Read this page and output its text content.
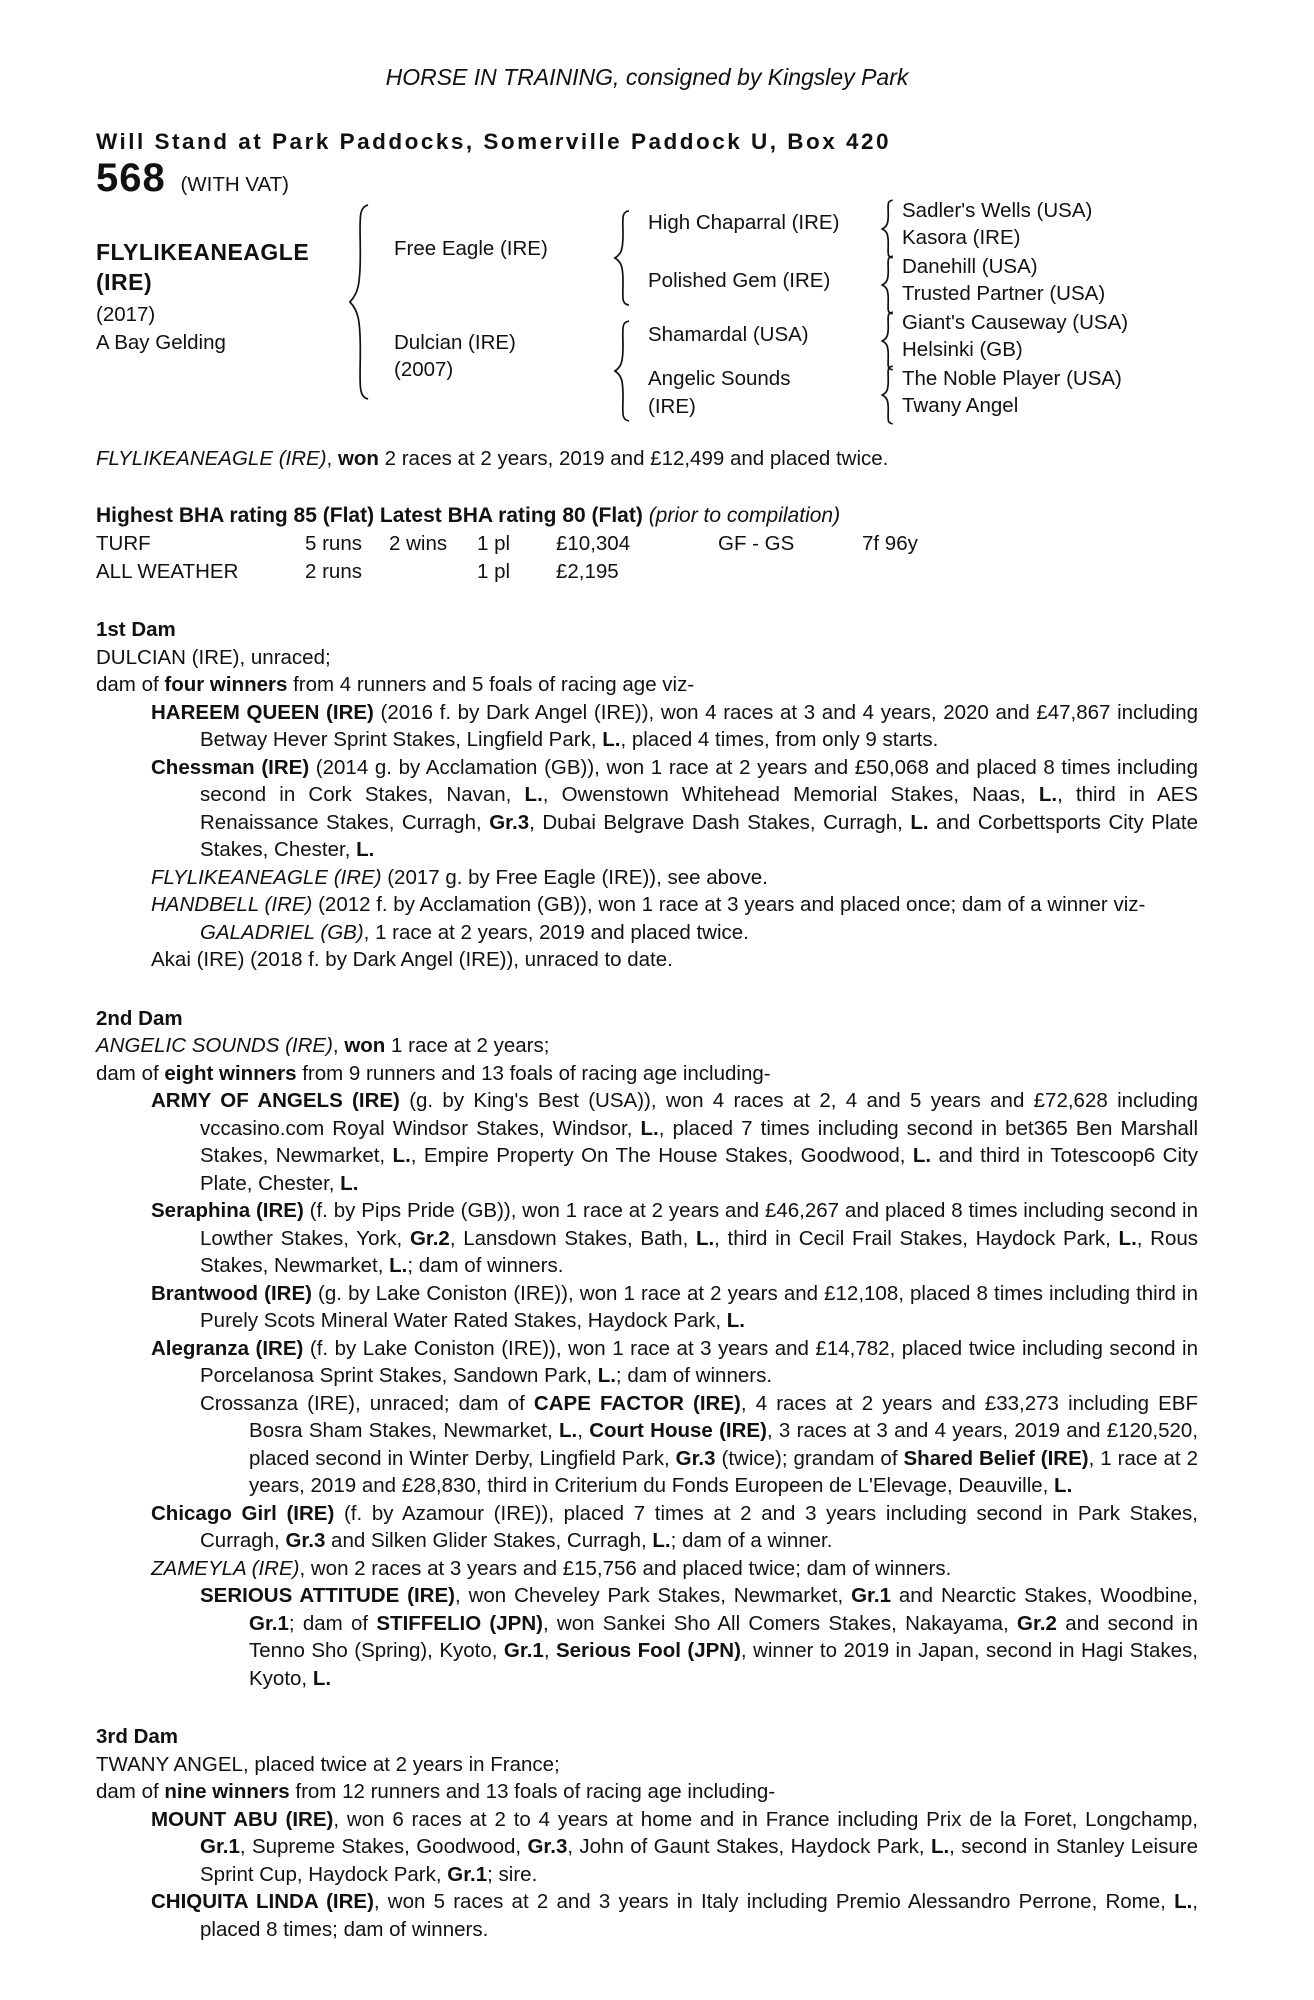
HORSE IN TRAINING, consigned by Kingsley Park

Will Stand at Park Paddocks, Somerville Paddock U, Box 420

568 (WITH VAT)
FLYLIKEANEAGLE
(IRE)
(2017)
A Bay Gelding
Free Eagle (IRE)
Dulcian (IRE)
(2007)
High Chaparral (IRE)
Polished Gem (IRE)
Shamardal (USA)
Angelic Sounds (IRE)
Sadler's Wells (USA)
Kasora (IRE)
Danehill (USA)
Trusted Partner (USA)
Giant's Causeway (USA)
Helsinki (GB)
The Noble Player (USA)
Twany Angel

FLYLIKEANEAGLE (IRE), won 2 races at 2 years, 2019 and £12,499 and placed twice.

Highest BHA rating 85 (Flat) Latest BHA rating 80 (Flat) (prior to compilation)

TURF	5 runs	2 wins	1 pl	£10,304	GF - GS	7f 96y
ALL WEATHER	2 runs	1 pl	£2,195

1st Dam

DULCIAN (IRE), unraced;

dam of four winners from 4 runners and 5 foals of racing age viz-

HAREEM QUEEN (IRE) (2016 f. by Dark Angel (IRE)), won 4 races at 3 and 4 years, 2020 and £47,867 including Betway Hever Sprint Stakes, Lingfield Park, L., placed 4 times, from only 9 starts.

Chessman (IRE) (2014 g. by Acclamation (GB)), won 1 race at 2 years and £50,068 and placed 8 times including second in Cork Stakes, Navan, L., Owenstown Whitehead Memorial Stakes, Naas, L., third in AES Renaissance Stakes, Curragh, Gr.3, Dubai Belgrave Dash Stakes, Curragh, L. and Corbettsports City Plate Stakes, Chester, L.

FLYLIKEANEAGLE (IRE) (2017 g. by Free Eagle (IRE)), see above.

HANDBELL (IRE) (2012 f. by Acclamation (GB)), won 1 race at 3 years and placed once; dam of a winner viz-

GALADRIEL (GB), 1 race at 2 years, 2019 and placed twice.

Akai (IRE) (2018 f. by Dark Angel (IRE)), unraced to date.

2nd Dam

ANGELIC SOUNDS (IRE), won 1 race at 2 years;

dam of eight winners from 9 runners and 13 foals of racing age including-

ARMY OF ANGELS (IRE) (g. by King's Best (USA)), won 4 races at 2, 4 and 5 years and £72,628 including vccasino.com Royal Windsor Stakes, Windsor, L., placed 7 times including second in bet365 Ben Marshall Stakes, Newmarket, L., Empire Property On The House Stakes, Goodwood, L. and third in Totescoop6 City Plate, Chester, L.

Seraphina (IRE) (f. by Pips Pride (GB)), won 1 race at 2 years and £46,267 and placed 8 times including second in Lowther Stakes, York, Gr.2, Lansdown Stakes, Bath, L., third in Cecil Frail Stakes, Haydock Park, L., Rous Stakes, Newmarket, L.; dam of winners.

Brantwood (IRE) (g. by Lake Coniston (IRE)), won 1 race at 2 years and £12,108, placed 8 times including third in Purely Scots Mineral Water Rated Stakes, Haydock Park, L.

Alegranza (IRE) (f. by Lake Coniston (IRE)), won 1 race at 3 years and £14,782, placed twice including second in Porcelanosa Sprint Stakes, Sandown Park, L.; dam of winners.

Crossanza (IRE), unraced; dam of CAPE FACTOR (IRE), 4 races at 2 years and £33,273 including EBF Bosra Sham Stakes, Newmarket, L., Court House (IRE), 3 races at 3 and 4 years, 2019 and £120,520, placed second in Winter Derby, Lingfield Park, Gr.3 (twice); grandam of Shared Belief (IRE), 1 race at 2 years, 2019 and £28,830, third in Criterium du Fonds Europeen de L'Elevage, Deauville, L.

Chicago Girl (IRE) (f. by Azamour (IRE)), placed 7 times at 2 and 3 years including second in Park Stakes, Curragh, Gr.3 and Silken Glider Stakes, Curragh, L.; dam of a winner.

ZAMEYLA (IRE), won 2 races at 3 years and £15,756 and placed twice; dam of winners.

SERIOUS ATTITUDE (IRE), won Cheveley Park Stakes, Newmarket, Gr.1 and Nearctic Stakes, Woodbine, Gr.1; dam of STIFFELIO (JPN), won Sankei Sho All Comers Stakes, Nakayama, Gr.2 and second in Tenno Sho (Spring), Kyoto, Gr.1, Serious Fool (JPN), winner to 2019 in Japan, second in Hagi Stakes, Kyoto, L.

3rd Dam

TWANY ANGEL, placed twice at 2 years in France;

dam of nine winners from 12 runners and 13 foals of racing age including-

MOUNT ABU (IRE), won 6 races at 2 to 4 years at home and in France including Prix de la Foret, Longchamp, Gr.1, Supreme Stakes, Goodwood, Gr.3, John of Gaunt Stakes, Haydock Park, L., second in Stanley Leisure Sprint Cup, Haydock Park, Gr.1; sire.

CHIQUITA LINDA (IRE), won 5 races at 2 and 3 years in Italy including Premio Alessandro Perrone, Rome, L., placed 8 times; dam of winners.
